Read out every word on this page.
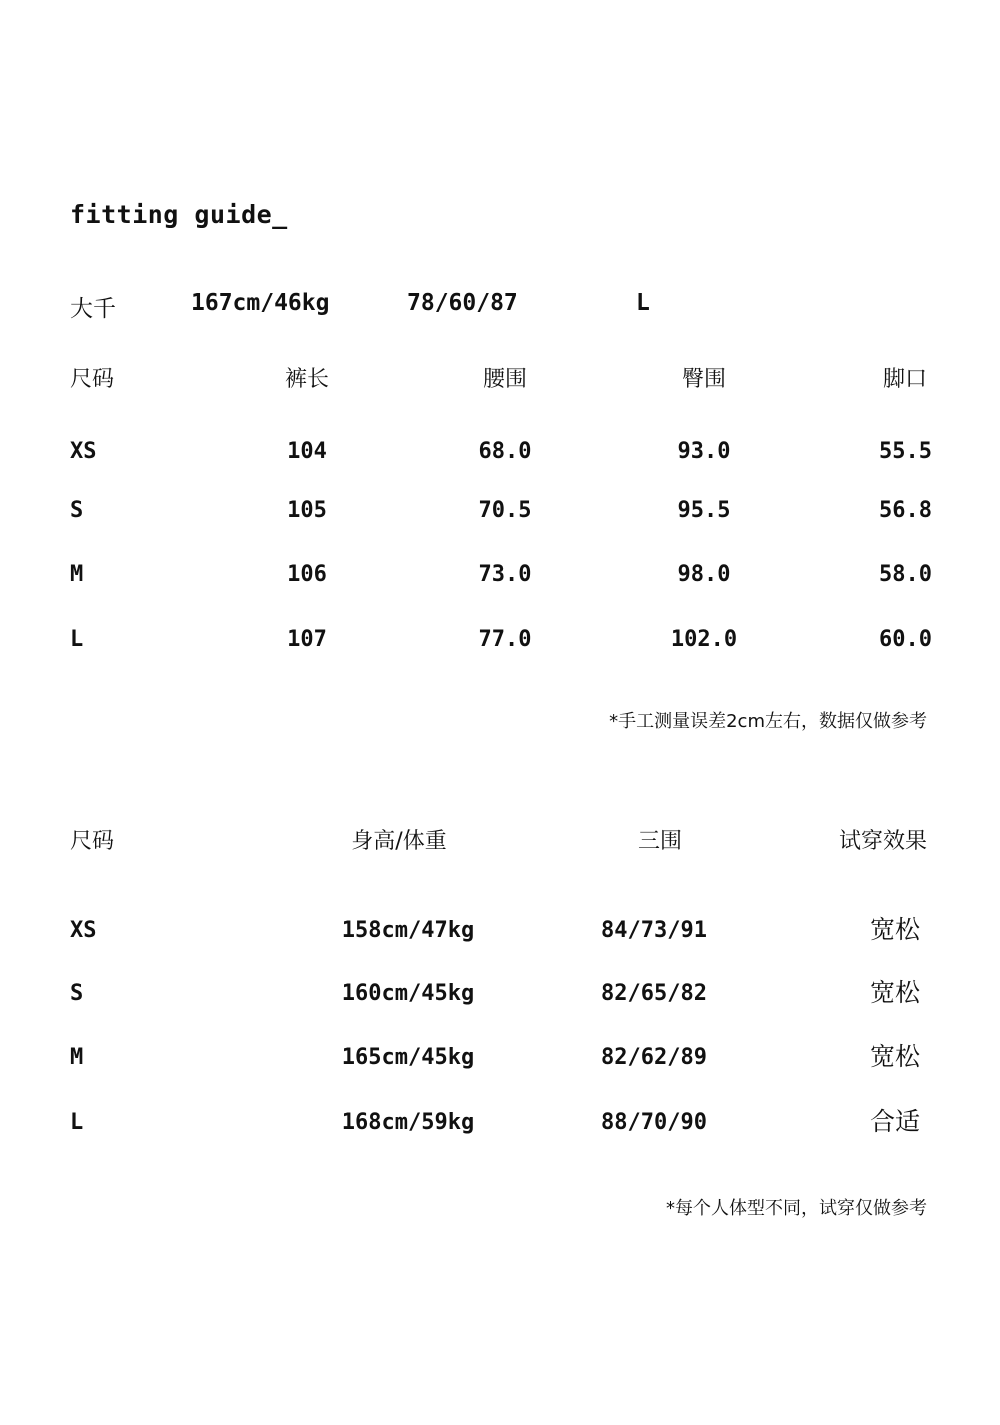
fitting guide_
大千	167cm/46kg	78/60/87	L
尺码	裤长	腰围	臀围	脚口
XS	104	68.0	93.0	55.5
S	105	70.5	95.5	56.8
M	106	73.0	98.0	58.0
L	107	77.0	102.0	60.0
*手工测量误差2cm左右，数据仅做参考
尺码	身高/体重	三围	试穿效果
XS	158cm/47kg	84/73/91	宽松
S	160cm/45kg	82/65/82	宽松
M	165cm/45kg	82/62/89	宽松
L	168cm/59kg	88/70/90	合适
*每个人体型不同，试穿仅做参考
